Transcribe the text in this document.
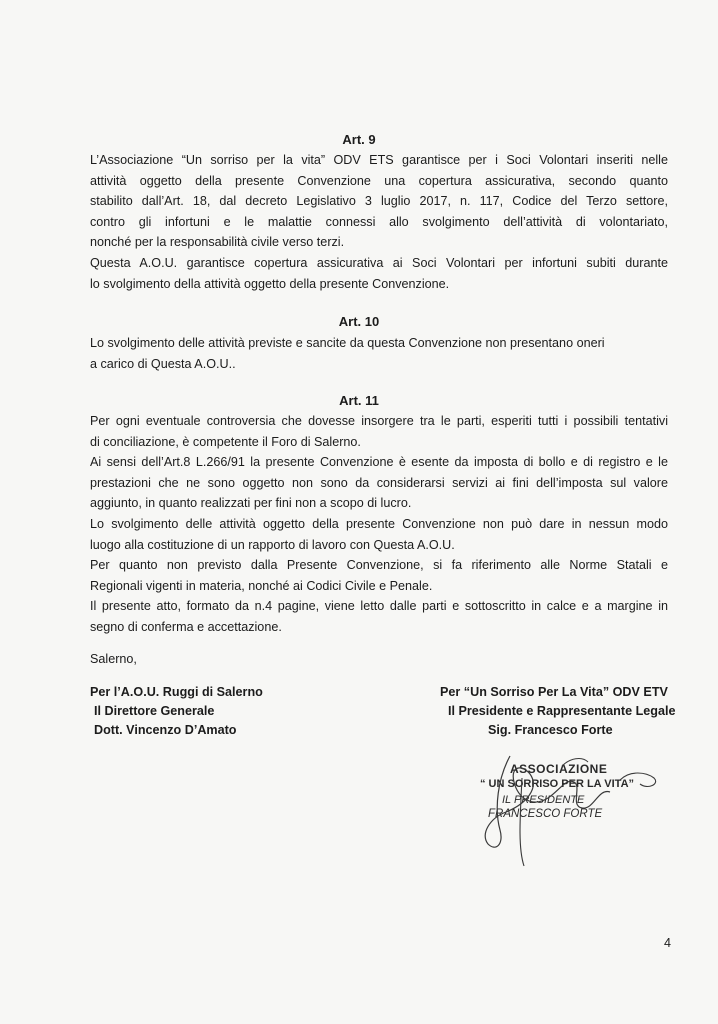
Art. 9
L’Associazione “Un sorriso per la vita” ODV ETS garantisce per i Soci Volontari inseriti nelle
attività oggetto della presente Convenzione una copertura assicurativa, secondo quanto
stabilito dall’Art. 18, dal decreto Legislativo 3 luglio 2017, n. 117, Codice del Terzo settore,
contro gli infortuni e le malattie connessi allo svolgimento dell’attività di volontariato,
nonché per la responsabilità civile verso terzi.
Questa A.O.U. garantisce copertura assicurativa ai Soci Volontari per infortuni subiti durante
lo svolgimento della attività oggetto della presente Convenzione.
Art. 10
Lo svolgimento delle attività previste e sancite da questa Convenzione non presentano oneri
a carico di Questa A.O.U..
Art. 11
Per ogni eventuale controversia che dovesse insorgere tra le parti, esperiti tutti i possibili tentativi
di conciliazione, è competente il Foro di Salerno.
Ai sensi dell’Art.8 L.266/91 la presente Convenzione è esente da imposta di bollo e di registro e le
prestazioni che ne sono oggetto non sono da considerarsi servizi ai fini dell’imposta sul valore
aggiunto, in quanto realizzati per fini non a scopo di lucro.
Lo svolgimento delle attività oggetto della presente Convenzione non può dare in nessun modo
luogo alla costituzione di un rapporto di lavoro con Questa A.O.U.
Per quanto non previsto dalla Presente Convenzione, si fa riferimento alle Norme Statali e
Regionali vigenti in materia, nonché ai Codici Civile e Penale.
Il presente atto, formato da n.4 pagine, viene letto dalle parti e sottoscritto in calce e a margine in
segno di conferma e accettazione.
Salerno,
Per l’A.O.U. Ruggi di Salerno
Il Direttore Generale
Dott. Vincenzo D’Amato
Per “Un Sorriso Per La Vita” ODV ETV
Il Presidente e Rappresentante Legale
Sig. Francesco Forte
ASSOCIAZIONE
“ UN SORRISO PER LA VITA”
IL PRESIDENTE
FRANCESCO FORTE
4
